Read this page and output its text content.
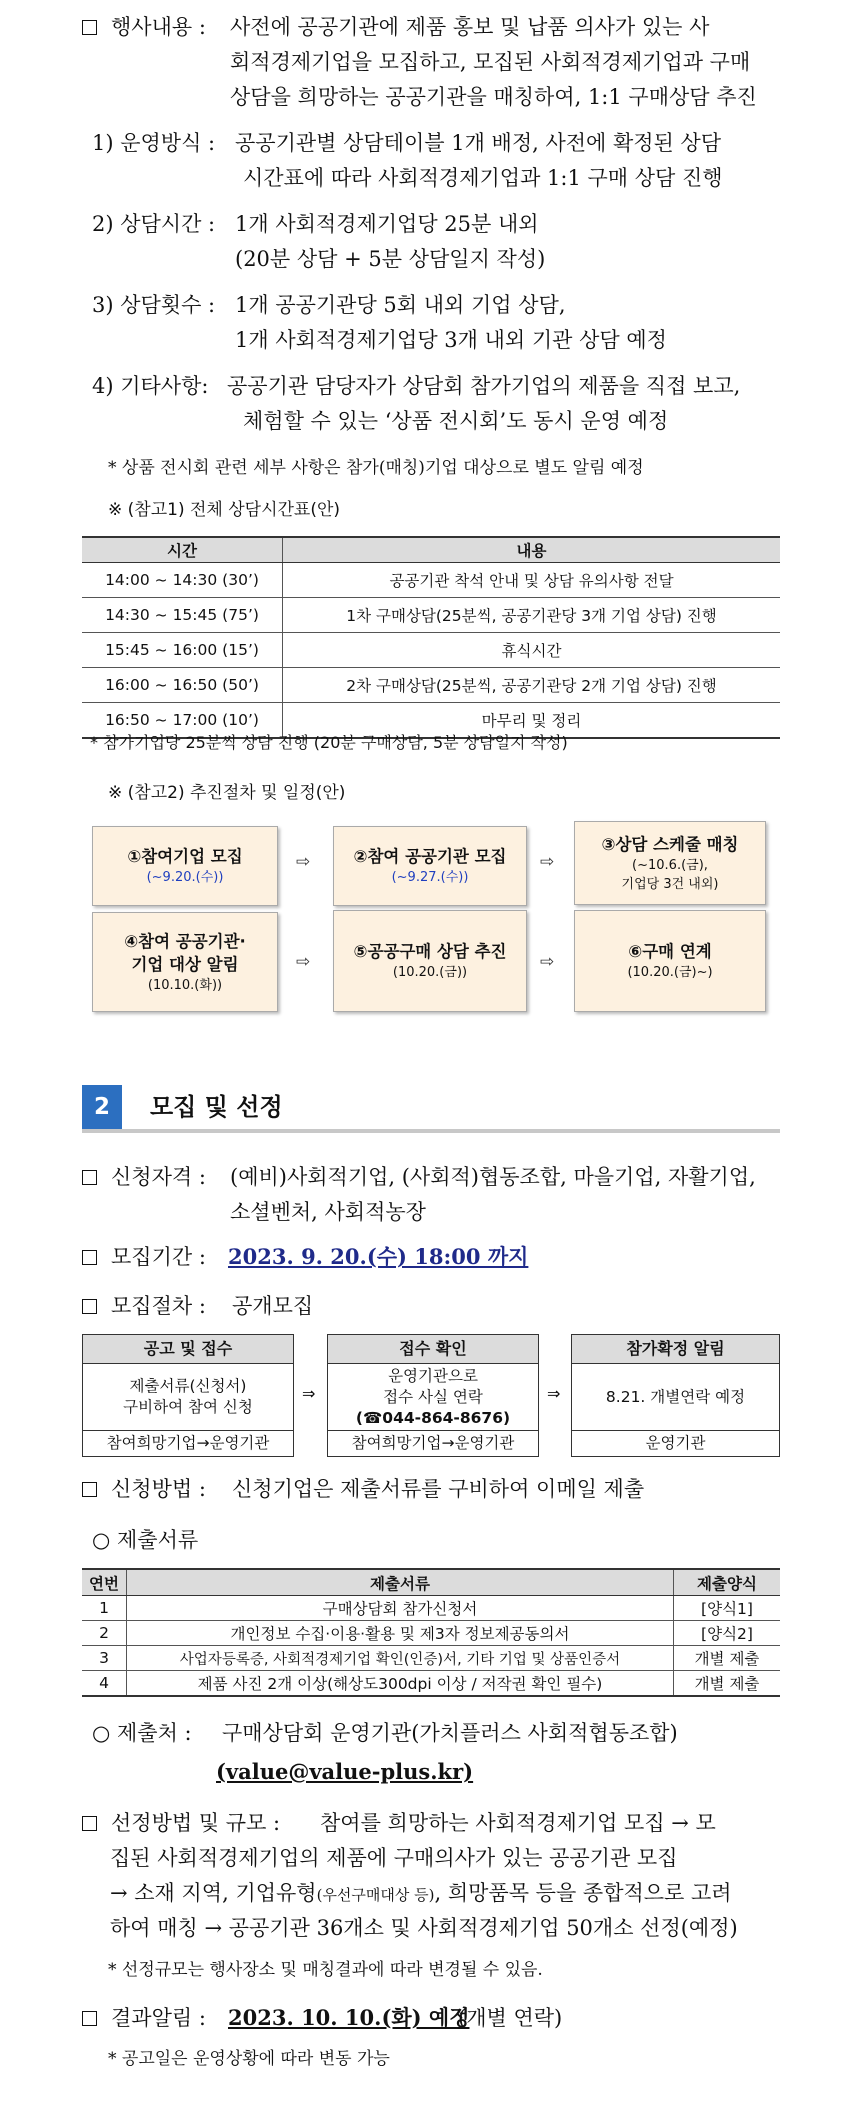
행사내용 : 사전에 공공기관에 제품 홍보 및 납품 의사가 있는 사
회적경제기업을 모집하고, 모집된 사회적경제기업과 구매
상담을 희망하는 공공기관을 매칭하여, 1:1 구매상담 추진
1) 운영방식 : 공공기관별 상담테이블 1개 배정, 사전에 확정된 상담
시간표에 따라 사회적경제기업과 1:1 구매 상담 진행
2) 상담시간 : 1개 사회적경제기업당 25분 내외
(20분 상담 + 5분 상담일지 작성)
3) 상담횟수 : 1개 공공기관당 5회 내외 기업 상담,
1개 사회적경제기업당 3개 내외 기관 상담 예정
4) 기타사항: 공공기관 담당자가 상담회 참가기업의 제품을 직접 보고,
체험할 수 있는 ‘상품 전시회’도 동시 운영 예정
* 상품 전시회 관련 세부 사항은 참가(매칭)기업 대상으로 별도 알림 예정
※ (참고1) 전체 상담시간표(안)
시간	내용
14:00 ~ 14:30 (30’)	공공기관 착석 안내 및 상담 유의사항 전달
14:30 ~ 15:45 (75’)	1차 구매상담(25분씩, 공공기관당 3개 기업 상담) 진행
15:45 ~ 16:00 (15’)	휴식시간
16:00 ~ 16:50 (50’)	2차 구매상담(25분씩, 공공기관당 2개 기업 상담) 진행
16:50 ~ 17:00 (10’)	마무리 및 정리
* 참가기업당 25분씩 상담 진행 (20분 구매상담, 5분 상담일지 작성)
※ (참고2) 추진절차 및 일정(안)
①참여기업 모집
(~9.20.(수))
⇨	②참여 공공기관 모집
(~9.27.(수))
⇨
③상담 스케줄 매칭
(~10.6.(금),
기업당 3건 내외)
④참여 공공기관·
기업 대상 알림
(10.10.(화))
⇨
⑤공공구매 상담 추진
(10.20.(금))
⇨
⑥구매 연계
(10.20.(금)~)
2	모집 및 선정
신청자격 : (예비)사회적기업, (사회적)협동조합, 마을기업, 자활기업,
소셜벤처, 사회적농장
모집기간 : 2023. 9. 20.(수) 18:00 까지
모집절차 : 공개모집
공고 및 접수
제출서류(신청서)
구비하여 참여 신청
참여희망기업→운영기관
⇒
접수 확인
운영기관으로
접수 사실 연락
(☎044-864-8676)
참여희망기업→운영기관
⇒
참가확정 알림
8.21. 개별연락 예정
운영기관
신청방법 : 신청기업은 제출서류를 구비하여 이메일 제출
○ 제출서류
연번	제출서류	제출양식
1	구매상담회 참가신청서	[양식1]
2	개인정보 수집·이용·활용 및 제3자 정보제공동의서	[양식2]
3	사업자등록증, 사회적경제기업 확인(인증)서, 기타 기업 및 상품인증서	개별 제출
4	제품 사진 2개 이상(해상도300dpi 이상 / 저작권 확인 필수)	개별 제출
○ 제출처 : 구매상담회 운영기관(가치플러스 사회적협동조합)
(value@value-plus.kr)
선정방법 및 규모 : 참여를 희망하는 사회적경제기업 모집 → 모
집된 사회적경제기업의 제품에 구매의사가 있는 공공기관 모집
→ 소재 지역, 기업유형(우선구매대상 등), 희망품목 등을 종합적으로 고려
하여 매칭 → 공공기관 36개소 및 사회적경제기업 50개소 선정(예정)
* 선정규모는 행사장소 및 매칭결과에 따라 변경될 수 있음.
결과알림 : 2023. 10. 10.(화) 예정
(개별 연락)
* 공고일은 운영상황에 따라 변동 가능
